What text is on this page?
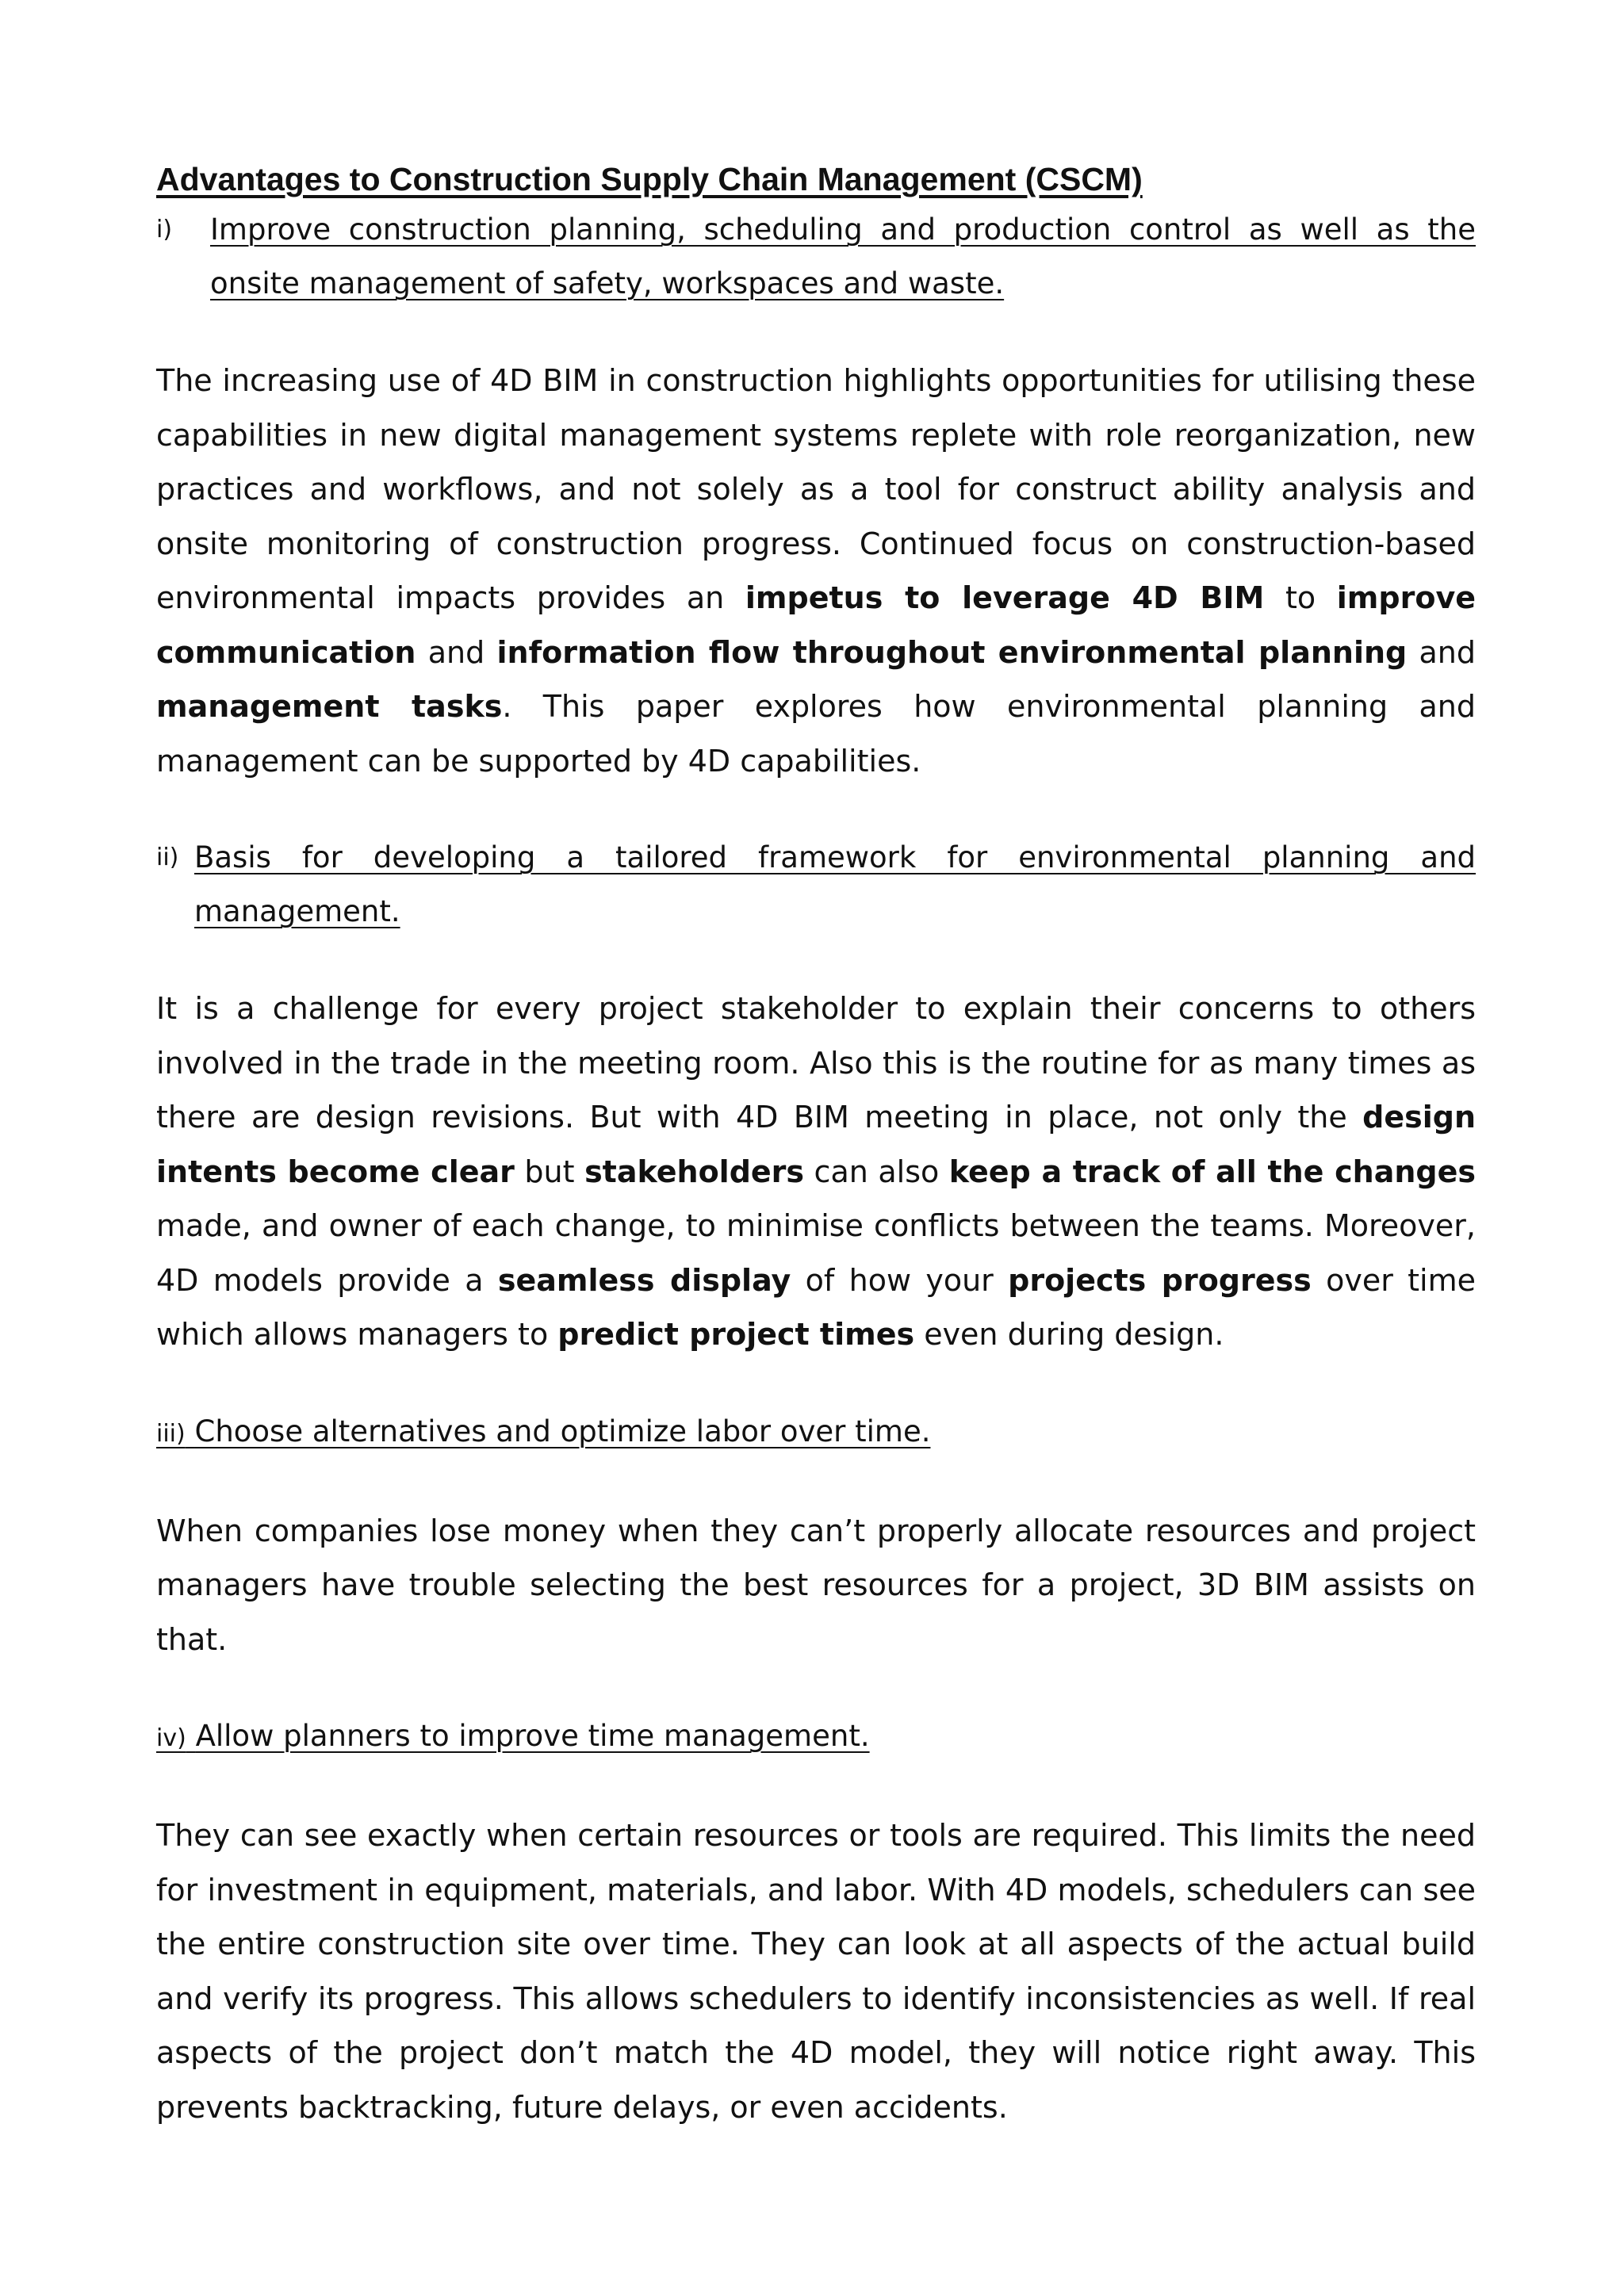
Advantages to Construction Supply Chain Management (CSCM)
i) Improve construction planning, scheduling and production control as well as the onsite management of safety, workspaces and waste.

The increasing use of 4D BIM in construction highlights opportunities for utilising these capabilities in new digital management systems replete with role reorganization, new practices and workflows, and not solely as a tool for construct ability analysis and onsite monitoring of construction progress. Continued focus on construction-based environmental impacts provides an impetus to leverage 4D BIM to improve communication and information flow throughout environmental planning and management tasks. This paper explores how environmental planning and management can be supported by 4D capabilities.

ii) Basis for developing a tailored framework for environmental planning and management.

It is a challenge for every project stakeholder to explain their concerns to others involved in the trade in the meeting room. Also this is the routine for as many times as there are design revisions. But with 4D BIM meeting in place, not only the design intents become clear but stakeholders can also keep a track of all the changes made, and owner of each change, to minimise conflicts between the teams. Moreover, 4D models provide a seamless display of how your projects progress over time which allows managers to predict project times even during design.

iii) Choose alternatives and optimize labor over time.

When companies lose money when they can’t properly allocate resources and project managers have trouble selecting the best resources for a project, 3D BIM assists on that.

iv) Allow planners to improve time management.

They can see exactly when certain resources or tools are required. This limits the need for investment in equipment, materials, and labor. With 4D models, schedulers can see the entire construction site over time. They can look at all aspects of the actual build and verify its progress. This allows schedulers to identify inconsistencies as well. If real aspects of the project don’t match the 4D model, they will notice right away. This prevents backtracking, future delays, or even accidents.
